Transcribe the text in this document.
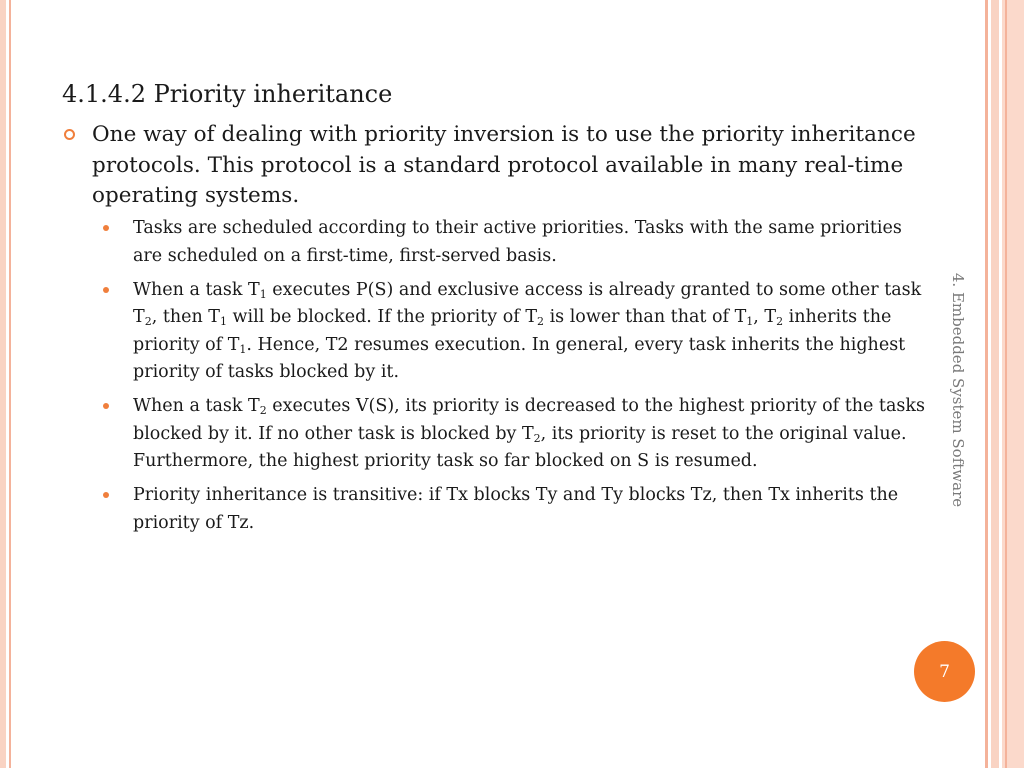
4.1.4.2 Priority inheritance
One way of dealing with priority inversion is to use the priority inheritance protocols. This protocol is a standard protocol available in many real-time operating systems.
Tasks are scheduled according to their active priorities. Tasks with the same priorities are scheduled on a first-time, first-served basis.
When a task $T_1$ executes P(S) and exclusive access is already granted to some other task $T_2$, then $T_1$ will be blocked. If the priority of $T_2$ is lower than that of $T_1$, $T_2$ inherits the priority of $T_1$. Hence, T2 resumes execution. In general, every task inherits the highest priority of tasks blocked by it.
When a task $T_2$ executes V(S), its priority is decreased to the highest priority of the tasks blocked by it. If no other task is blocked by $T_2$, its priority is reset to the original value. Furthermore, the highest priority task so far blocked on S is resumed.
Priority inheritance is transitive: if Tx blocks Ty and Ty blocks Tz, then Tx inherits the priority of Tz.
4. Embedded System Software
7
